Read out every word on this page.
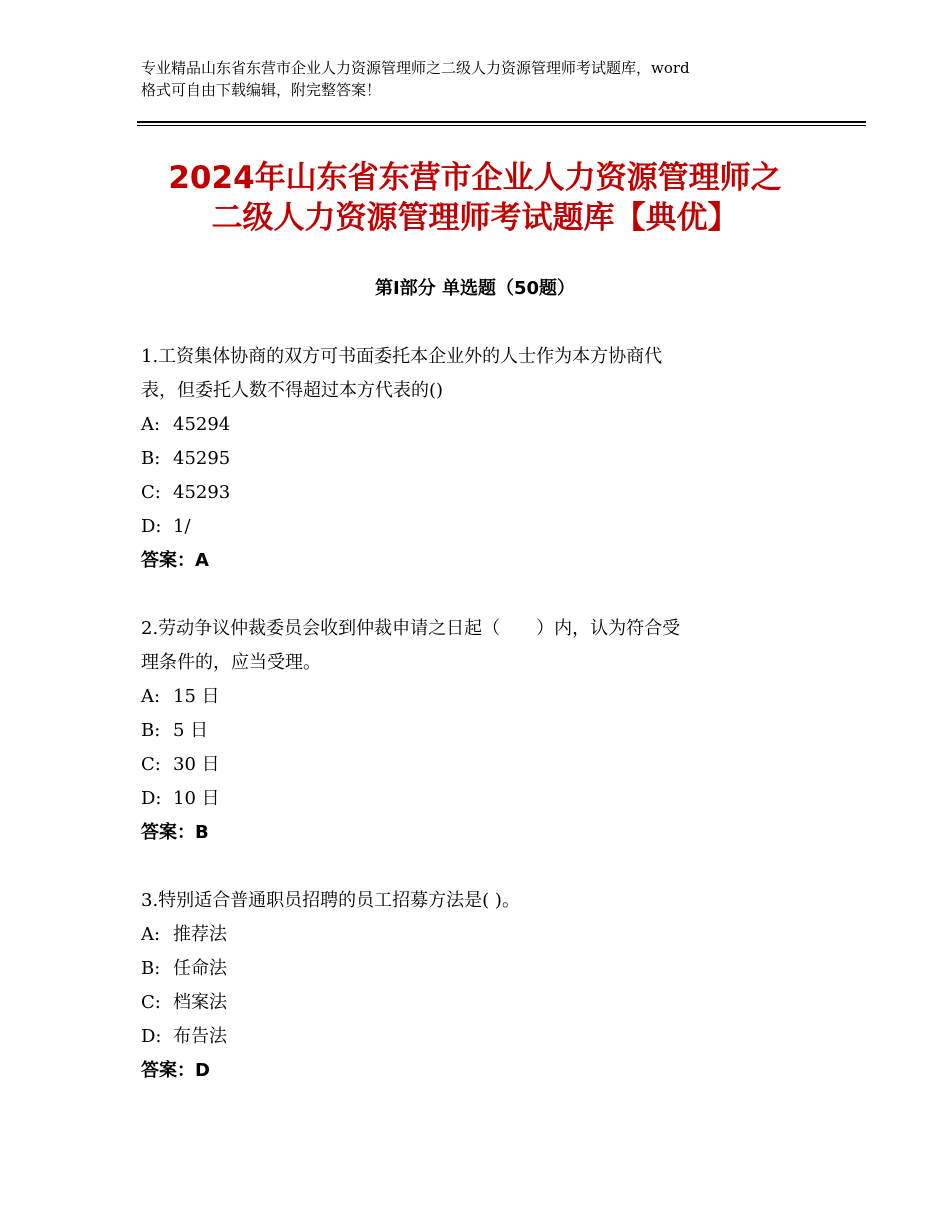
专业精品山东省东营市企业人力资源管理师之二级人力资源管理师考试题库，word
格式可自由下载编辑，附完整答案！
2024年山东省东营市企业人力资源管理师之
二级人力资源管理师考试题库【典优】
第Ⅰ部分 单选题（50题）
1.工资集体协商的双方可书面委托本企业外的人士作为本方协商代
表，但委托人数不得超过本方代表的()
A: 45294
B: 45295
C: 45293
D: 1/
答案：A
2.劳动争议仲裁委员会收到仲裁申请之日起（　　）内，认为符合受
理条件的，应当受理。
A: 15 日
B: 5 日
C: 30 日
D: 10 日
答案：B
3.特别适合普通职员招聘的员工招募方法是( )。
A: 推荐法
B: 任命法
C: 档案法
D: 布告法
答案：D
